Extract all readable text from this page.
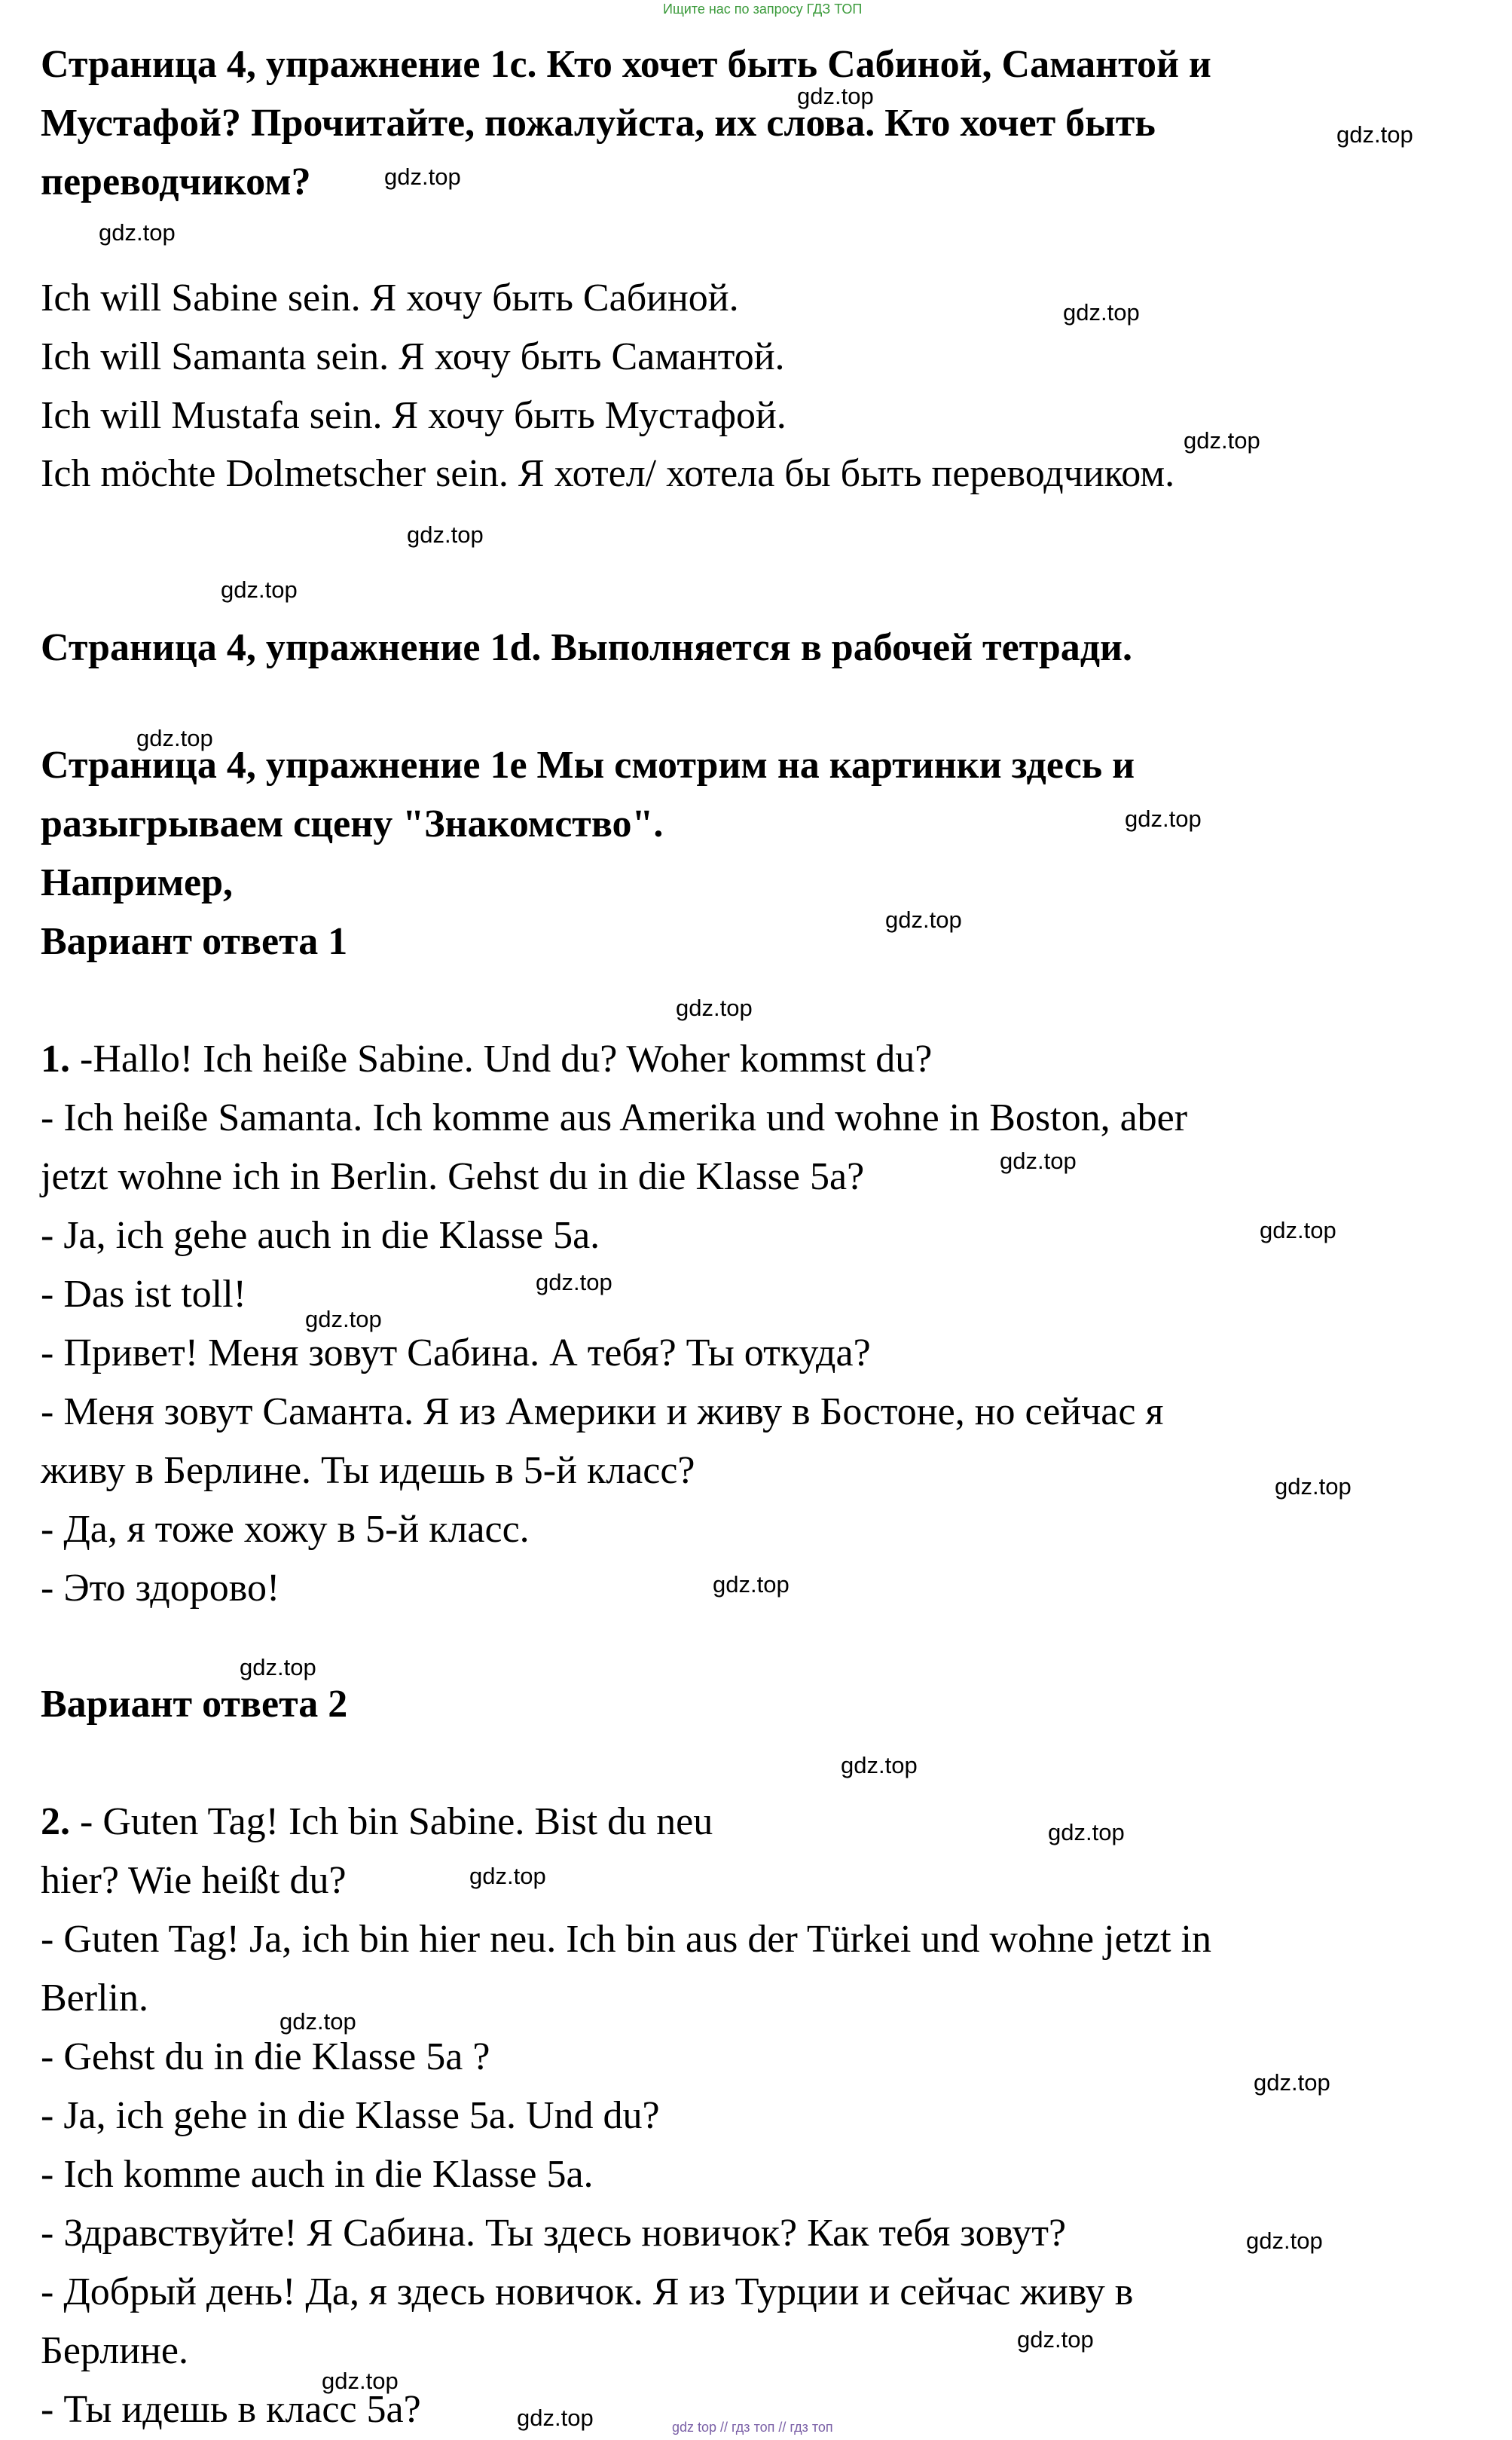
Ищите нас по запросу ГДЗ ТОП
Страница 4, упражнение 1c. Кто хочет быть Сабиной, Самантой и
Мустафой? Прочитайте, пожалуйста, их слова. Кто хочет быть
переводчиком?
Ich will Sabine sein. Я хочу быть Сабиной.
Ich will Samanta sein. Я хочу быть Самантой.
Ich will Mustafa sein. Я хочу быть Мустафой.
Ich möchte Dolmetscher sein. Я хотел/ хотела бы быть переводчиком.
Страница 4, упражнение 1d. Выполняется в рабочей тетради.
Страница 4, упражнение 1e Мы смотрим на картинки здесь и
разыгрываем сцену "Знакомство".
Например,
Вариант ответа 1
1. -Hallo! Ich heiße Sabine. Und du? Woher kommst du?
- Ich heiße Samanta. Ich komme aus Amerika und wohne in Boston, aber
jetzt wohne ich in Berlin. Gehst du in die Klasse 5a?
- Ja, ich gehe auch in die Klasse 5a.
- Das ist toll!
- Привет! Меня зовут Сабина. А тебя? Ты откуда?
- Меня зовут Саманта. Я из Америки и живу в Бостоне, но сейчас я
живу в Берлине. Ты идешь в 5-й класс?
- Да, я тоже хожу в 5-й класс.
- Это здорово!
Вариант ответа 2
2. - Guten Tag! Ich bin Sabine. Bist du neu
hier? Wie heißt du?
- Guten Tag! Ja, ich bin hier neu. Ich bin aus der Türkei und wohne jetzt in
Berlin.
- Gehst du in die Klasse 5a ?
- Ja, ich gehe in die Klasse 5a. Und du?
- Ich komme auch in die Klasse 5a.
- Здравствуйте! Я Сабина. Ты здесь новичок? Как тебя зовут?
- Добрый день! Да, я здесь новичок. Я из Турции и сейчас живу в
Берлине.
- Ты идешь в класс 5а?
gdz.top
gdz.top
gdz.top
gdz.top
gdz.top
gdz.top
gdz.top
gdz.top
gdz.top
gdz.top
gdz.top
gdz.top
gdz.top
gdz.top
gdz.top
gdz.top
gdz.top
gdz.top
gdz.top
gdz.top
gdz.top
gdz.top
gdz.top
gdz.top
gdz.top
gdz.top
gdz.top
gdz.top	gdz top // гдз топ // гдз топ
